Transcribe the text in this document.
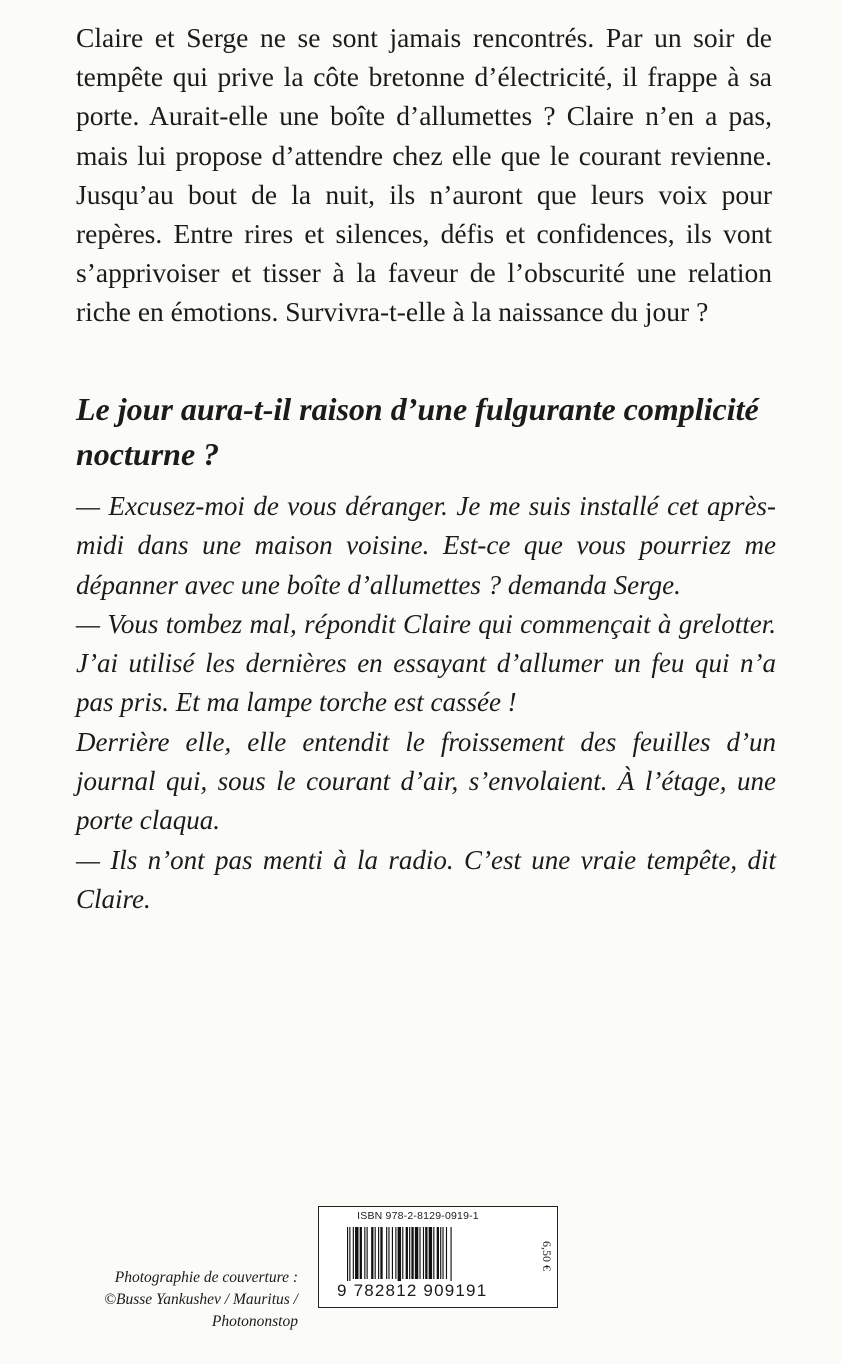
Claire et Serge ne se sont jamais rencontrés. Par un soir de tempête qui prive la côte bretonne d’électricité, il frappe à sa porte. Aurait-elle une boîte d’allumettes ? Claire n’en a pas, mais lui propose d’attendre chez elle que le courant revienne. Jusqu’au bout de la nuit, ils n’auront que leurs voix pour repères. Entre rires et silences, défis et confidences, ils vont s’apprivoiser et tisser à la faveur de l’obscurité une relation riche en émotions. Survivra-t-elle à la naissance du jour ?

Le jour aura-t-il raison d’une fulgurante complicité nocturne ?

— Excusez-moi de vous déranger. Je me suis installé cet après-midi dans une maison voisine. Est-ce que vous pourriez me dépanner avec une boîte d’allumettes ? demanda Serge.

— Vous tombez mal, répondit Claire qui commençait à grelotter. J’ai utilisé les dernières en essayant d’allumer un feu qui n’a pas pris. Et ma lampe torche est cassée !

Derrière elle, elle entendit le froissement des feuilles d’un journal qui, sous le courant d’air, s’envolaient. À l’étage, une porte claqua.

— Ils n’ont pas menti à la radio. C’est une vraie tempête, dit Claire.

Photographie de couverture :
©Busse Yankushev / Mauritus /
Photononstop
ISBN 978-2-8129-0919-1
9 782812 909191
6,50 €
